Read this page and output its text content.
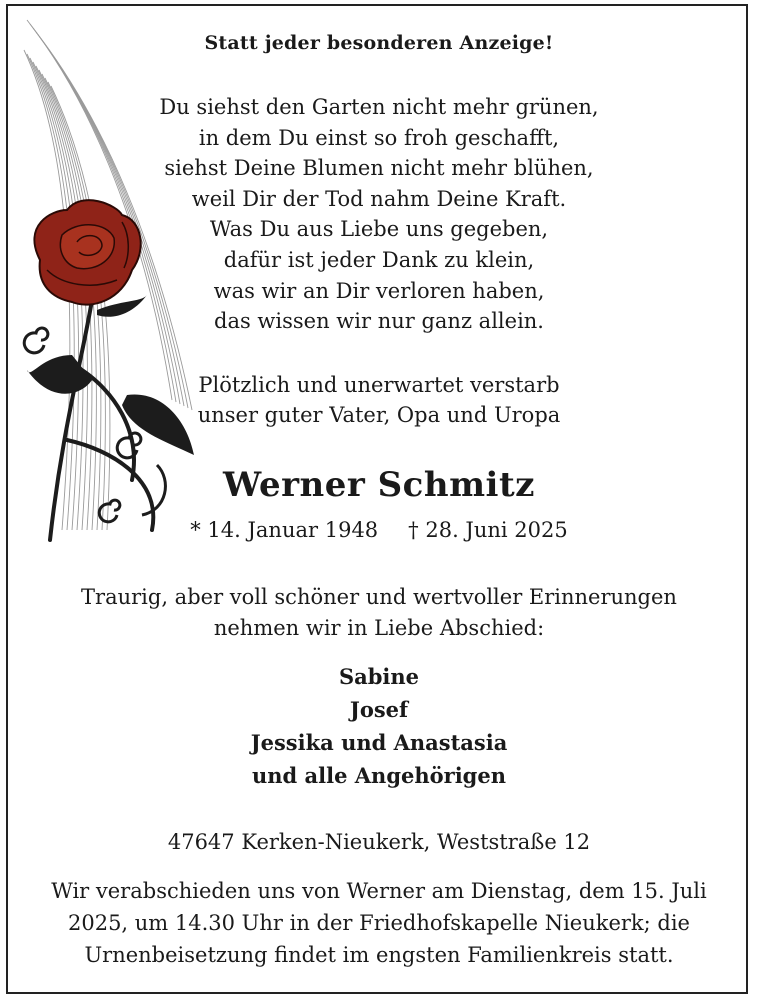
Statt jeder besonderen Anzeige!
Du siehst den Garten nicht mehr grünen,
in dem Du einst so froh geschafft,
siehst Deine Blumen nicht mehr blühen,
weil Dir der Tod nahm Deine Kraft.
Was Du aus Liebe uns gegeben,
dafür ist jeder Dank zu klein,
was wir an Dir verloren haben,
das wissen wir nur ganz allein.
Plötzlich und unerwartet verstarb
unser guter Vater, Opa und Uropa
Werner Schmitz
* 14. Januar 1948 † 28. Juni 2025
Traurig, aber voll schöner und wertvoller Erinnerungen
nehmen wir in Liebe Abschied:
Sabine
Josef
Jessika und Anastasia
und alle Angehörigen
47647 Kerken-Nieukerk, Weststraße 12
Wir verabschieden uns von Werner am Dienstag, dem 15. Juli
2025, um 14.30 Uhr in der Friedhofskapelle Nieukerk; die
Urnenbeisetzung findet im engsten Familienkreis statt.
